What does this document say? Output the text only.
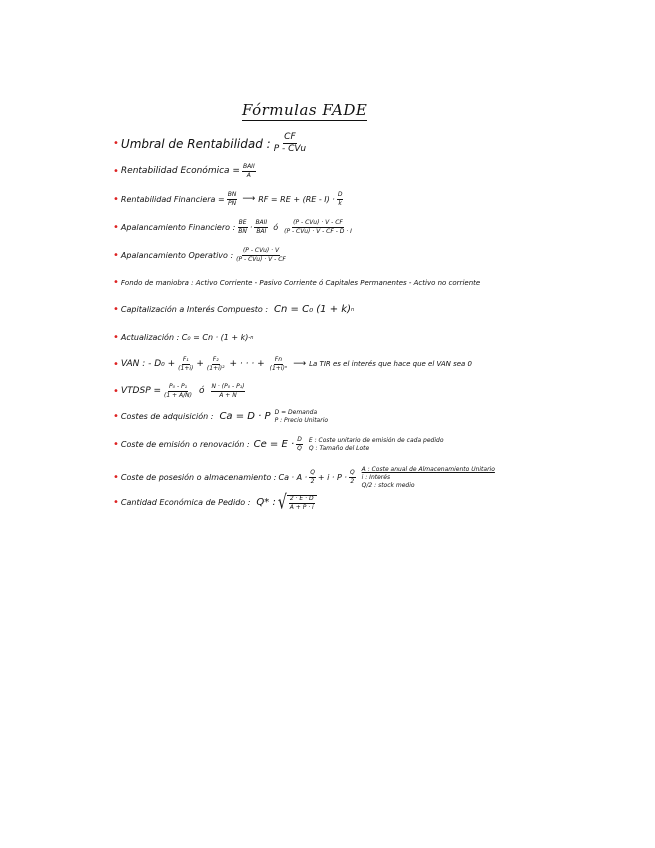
Fórmulas FADE
• Umbral de Rentabilidad : $\frac{CF}{\text{P - CVu}}$
• Rentabilidad Económica = $\frac{\text{BAII}}{A}$
• Rentabilidad Financiera = $\frac{BN}{PN}$ ⟶ RF = RE + $(RE - I) \cdot \frac{D}{k}$
• Apalancamiento Financiero : $\frac{BE}{BN} \cdot \frac{\text{BAII}}{\text{BAI}}$ ó $\frac{\text{(P - CVu) · V - CF}}{\text{(P - CVu) · V - CF - D · I}}$
• Apalancamiento Operativo : $\frac{\text{(P - CVu) · V}}{\text{(P - CVu) · V - CF}}$
• Fondo de maniobra : Activo Corriente - Pasivo Corriente ó Capitales Permanentes - Activo no corriente
• Capitalización a Interés Compuesto : Cn = C₀ (1 + k) n
• Actualización : C₀ = Cn · (1 + k) -n
• VAN : - $D_0 + \frac{\text{F₁}}{(1+i)} + \frac{\text{F₂}}{\text{(1+i)²}}$ + · · · + $\frac{Fn}{\text{(1+i)ⁿ}}$ ⟶ La TIR es el interés que hace que el VAN sea 0
• VTDSP = $\frac{\text{P₀ - P₁}}{(1 + A/N)}$ ó $\frac{\text{N · (P₀ - P₁)}}{A + N}$
• Costes de adquisición : Ca = D · P D = Demanda
P : Precio Unitario
• Coste de emisión o renovación : $Ce = E \cdot \frac{D}{Q}$ E : Coste unitario de emisión de cada pedido
Q : Tamaño del Lote
• Coste de posesión o almacenamiento : $Ca \cdot A \cdot \frac{Q}{2} + i \cdot P \cdot \frac{Q}{2}$
A : Coste anual de Almacenamiento Unitario
i : Interés
Q/2 : stock medio
• Cantidad Económica de Pedido : Q* : √ $\frac{2 \cdot E \cdot D}{A + P \cdot i}$
